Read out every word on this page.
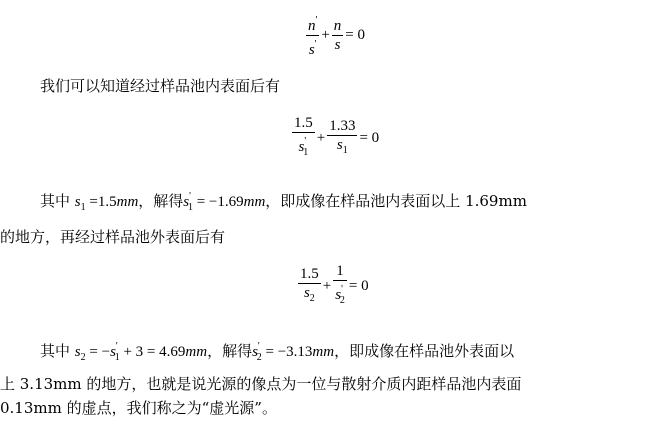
$\frac{n'}{s'} + \frac{n}{s} = 0$
我们可以知道经过样品池内表面后有
$\frac{1.5}{s'_1} + \frac{1.33}{s_1} = 0$
其中 $s_1 =1.5mm$，解得$s'_1 = -1.69mm$，即成像在样品池内表面以上 1.69mm
的地方，再经过样品池外表面后有
$\frac{1.5}{s_2} + \frac{1}{s'_2} = 0$
其中 $s_2 = -s'_1 + 3 = 4.69mm$，解得$s'_2 = -3.13mm$，即成像在样品池外表面以
上 3.13mm 的地方，也就是说光源的像点为一位与散射介质内距样品池内表面
0.13mm 的虚点，我们称之为“虚光源”。
